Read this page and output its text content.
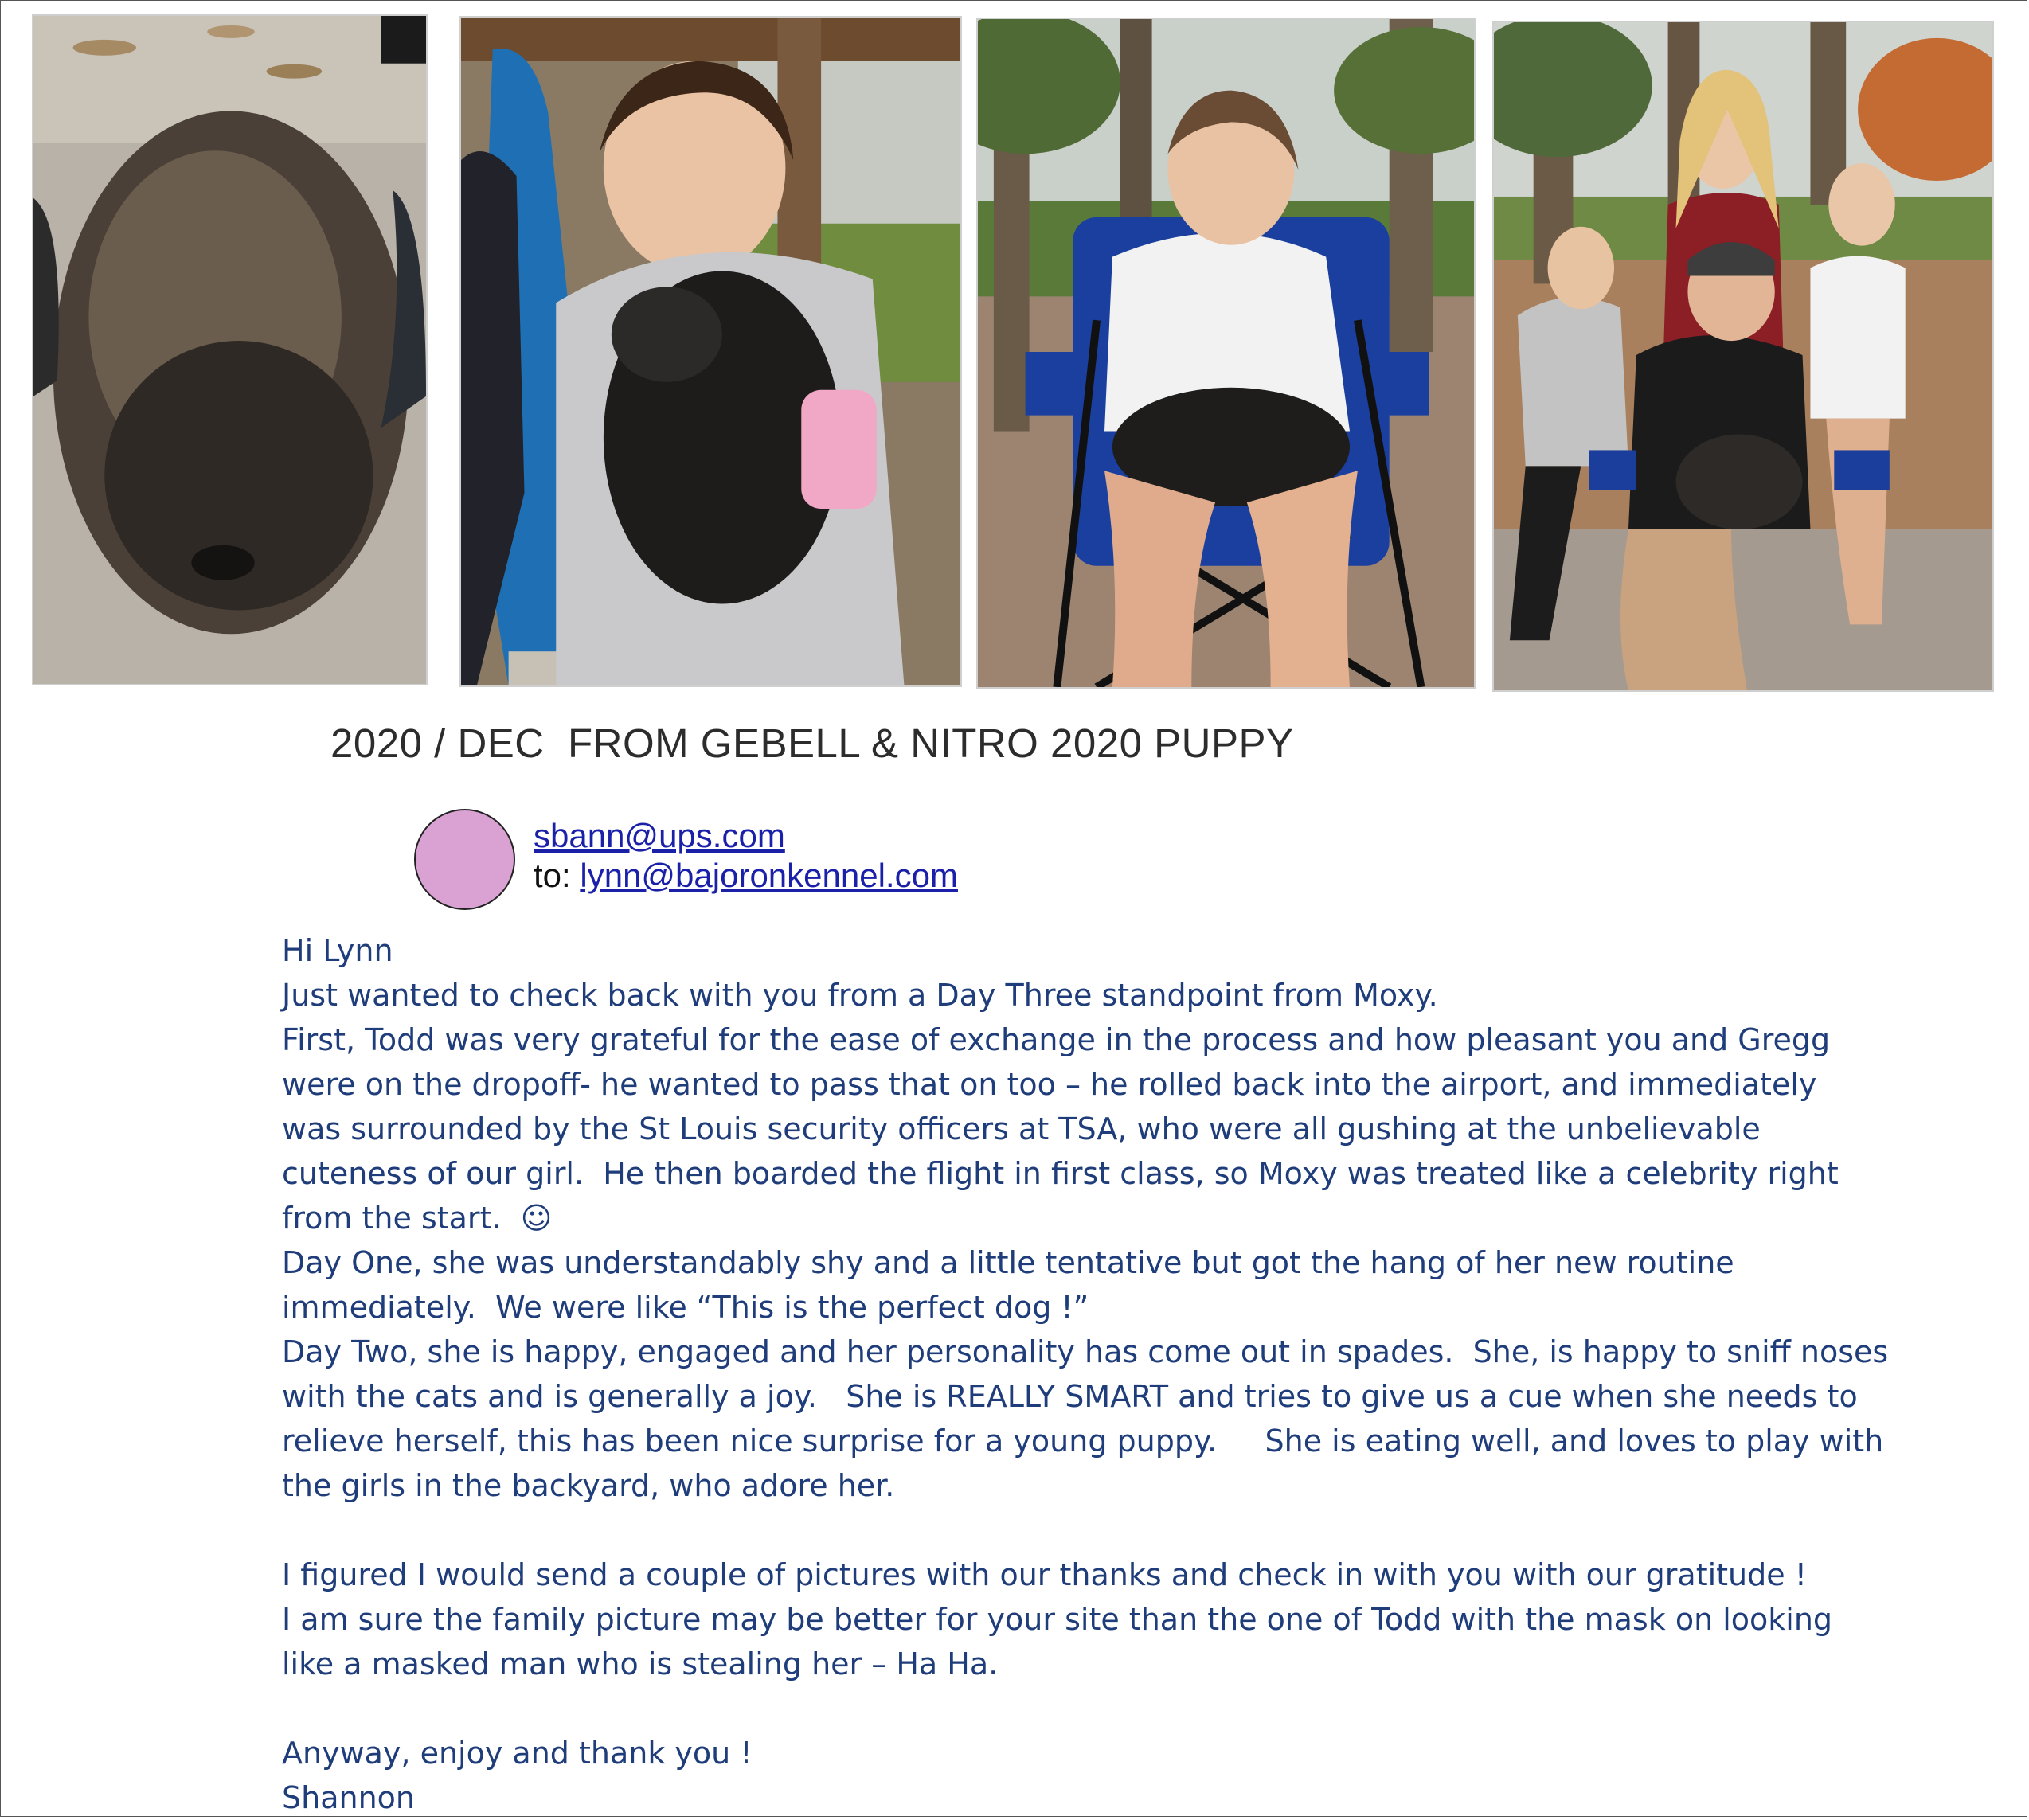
2020 / DEC  FROM GEBELL & NITRO 2020 PUPPY
sbann@ups.com
to: lynn@bajoronkennel.com
Hi Lynn
Just wanted to check back with you from a Day Three standpoint from Moxy.
First, Todd was very grateful for the ease of exchange in the process and how pleasant you and Gregg
were on the dropoff- he wanted to pass that on too – he rolled back into the airport, and immediately
was surrounded by the St Louis security officers at TSA, who were all gushing at the unbelievable
cuteness of our girl.  He then boarded the flight in first class, so Moxy was treated like a celebrity right
from the start.  ☺
Day One, she was understandably shy and a little tentative but got the hang of her new routine
immediately.  We were like “This is the perfect dog !”
Day Two, she is happy, engaged and her personality has come out in spades.  She, is happy to sniff noses
with the cats and is generally a joy.   She is REALLY SMART and tries to give us a cue when she needs to
relieve herself, this has been nice surprise for a young puppy.     She is eating well, and loves to play with
the girls in the backyard, who adore her.
I figured I would send a couple of pictures with our thanks and check in with you with our gratitude !
I am sure the family picture may be better for your site than the one of Todd with the mask on looking
like a masked man who is stealing her – Ha Ha.
Anyway, enjoy and thank you !
Shannon
